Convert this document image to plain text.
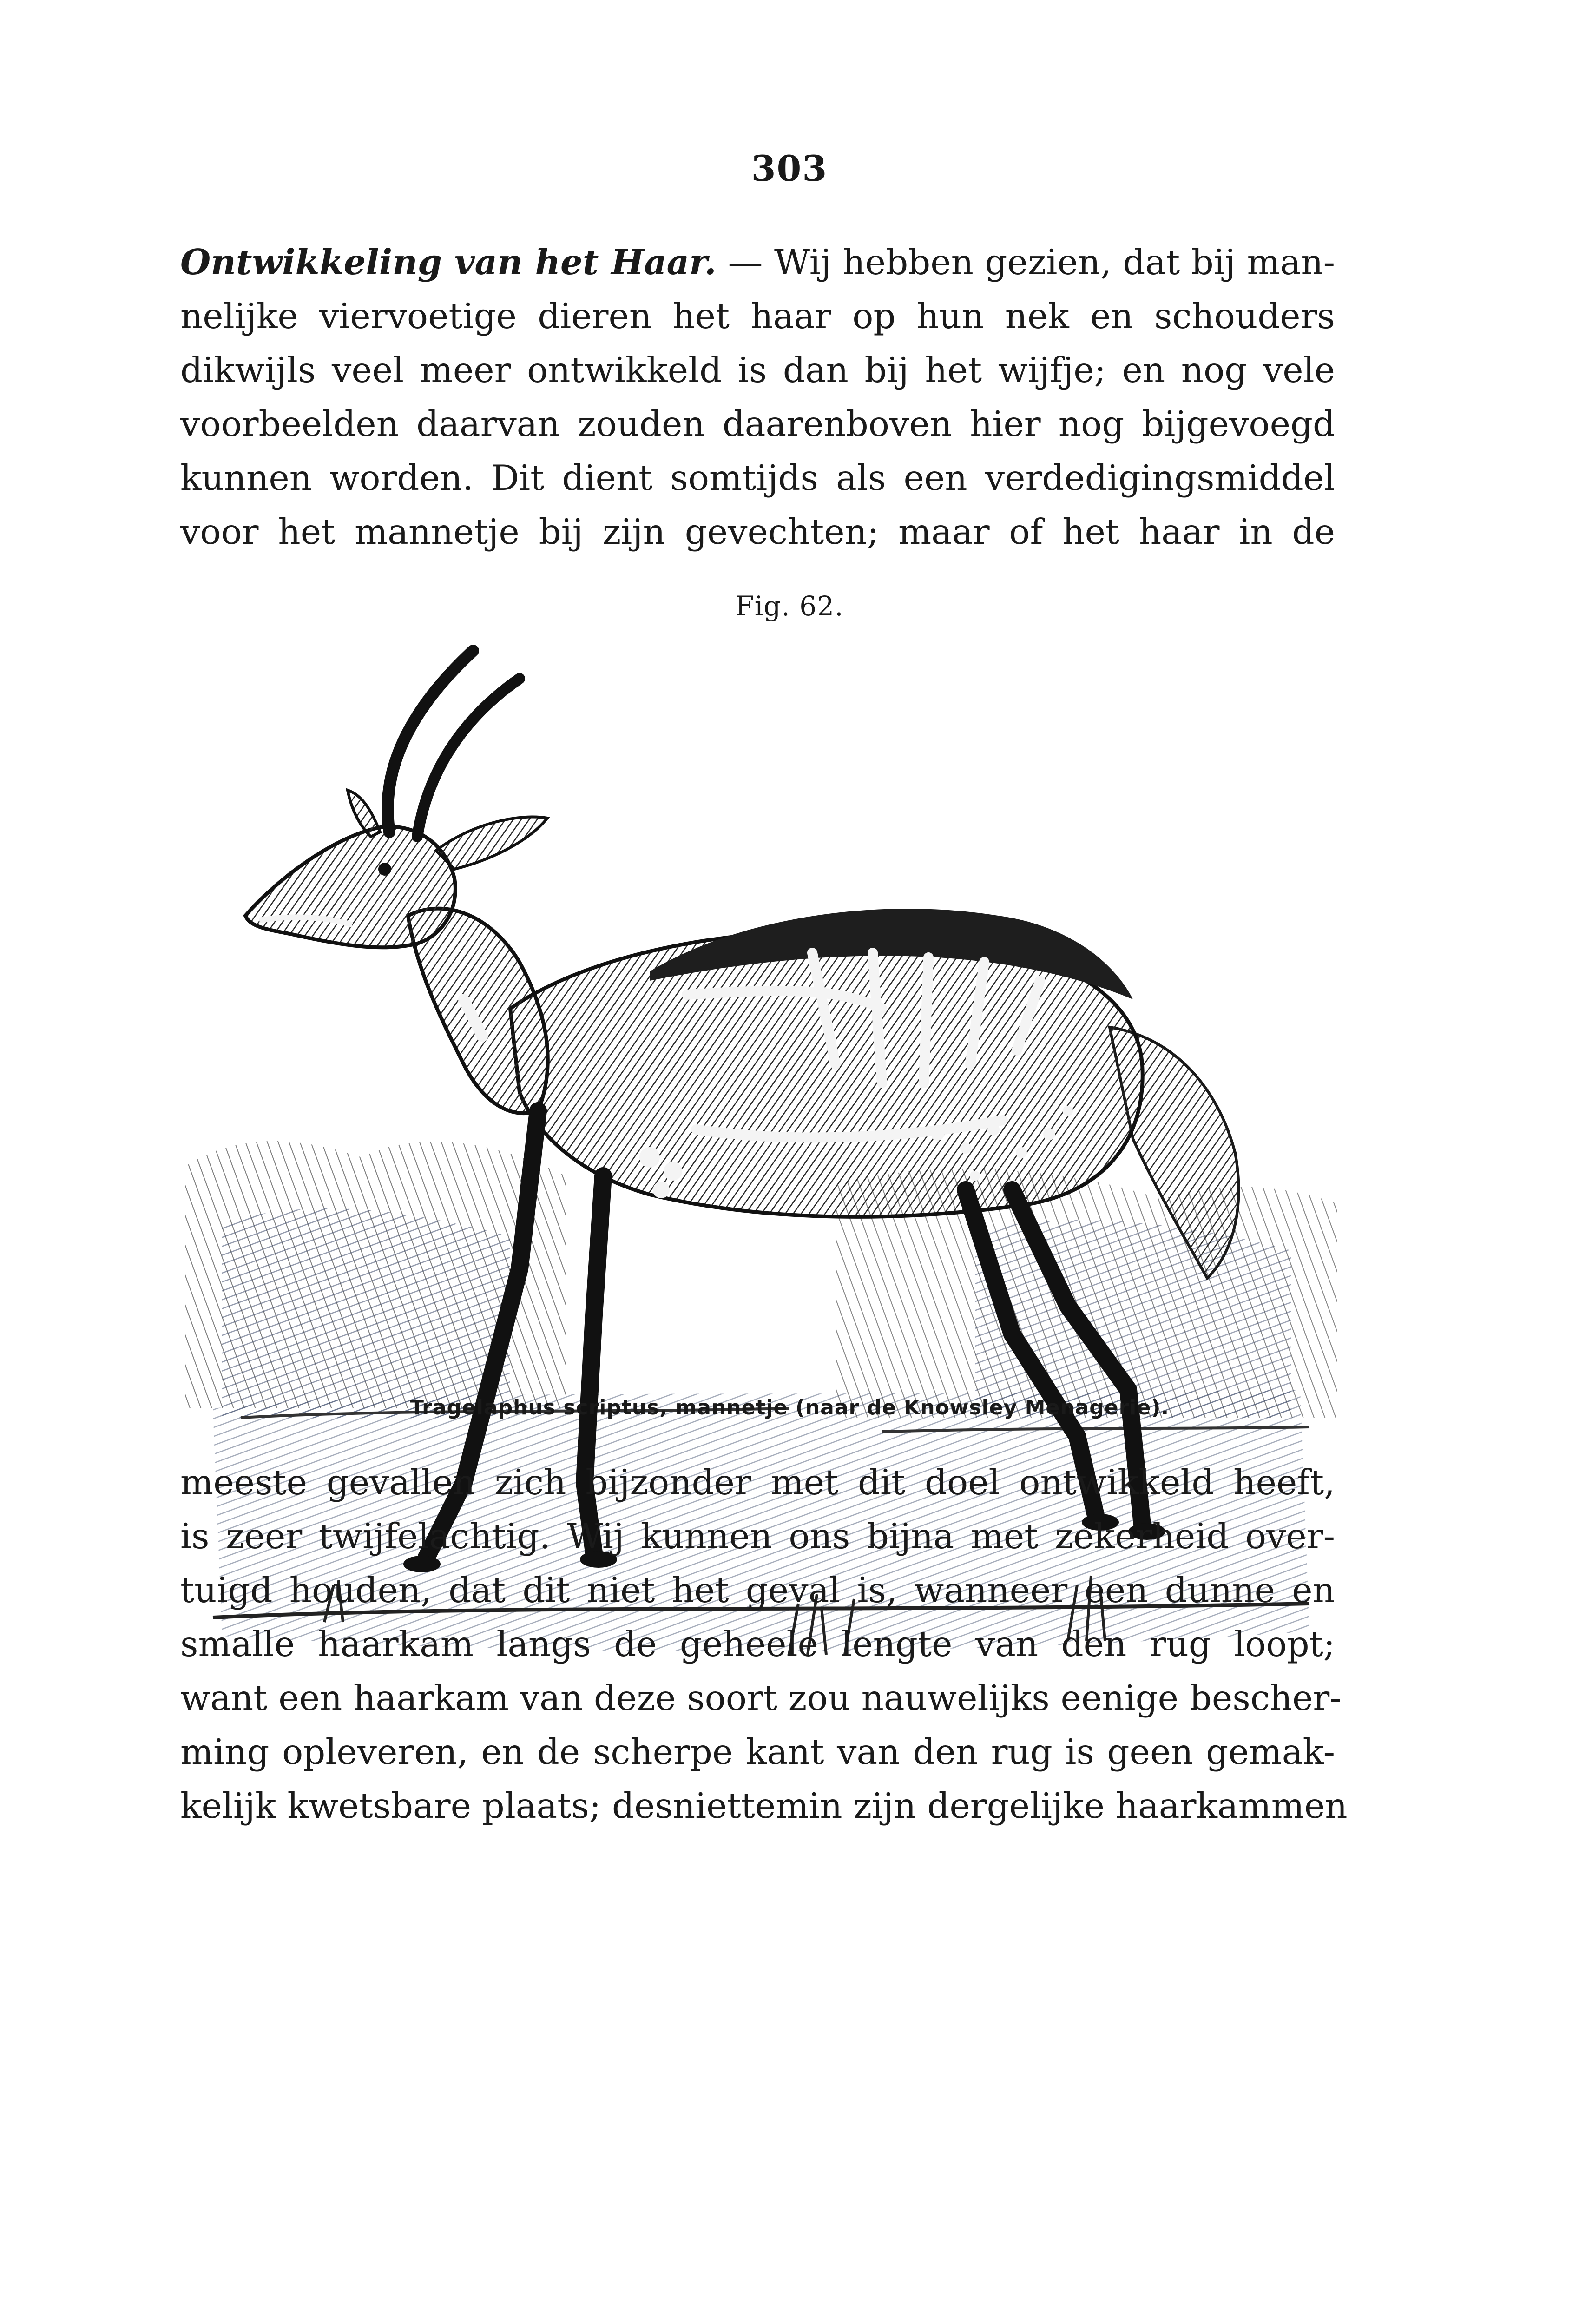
303
Ontwikkeling van het Haar. — Wij hebben gezien, dat bij man-
nelijke viervoetige dieren het haar op hun nek en schouders
dikwijls veel meer ontwikkeld is dan bij het wijfje; en nog vele
voorbeelden daarvan zouden daarenboven hier nog bijgevoegd
kunnen worden. Dit dient somtijds als een verdedigingsmiddel
voor het mannetje bij zijn gevechten; maar of het haar in de
Fig. 62.
Tragelaphus scriptus, mannetje (naar de Knowsley Menagerie).
meeste gevallen zich bijzonder met dit doel ontwikkeld heeft,
is zeer twijfelachtig. Wij kunnen ons bijna met zekerheid over-
tuigd houden, dat dit niet het geval is, wanneer een dunne en
smalle haarkam langs de geheele lengte van den rug loopt;
want een haarkam van deze soort zou nauwelijks eenige bescher-
ming opleveren, en de scherpe kant van den rug is geen gemak-
kelijk kwetsbare plaats; desniettemin zijn dergelijke haarkammen
